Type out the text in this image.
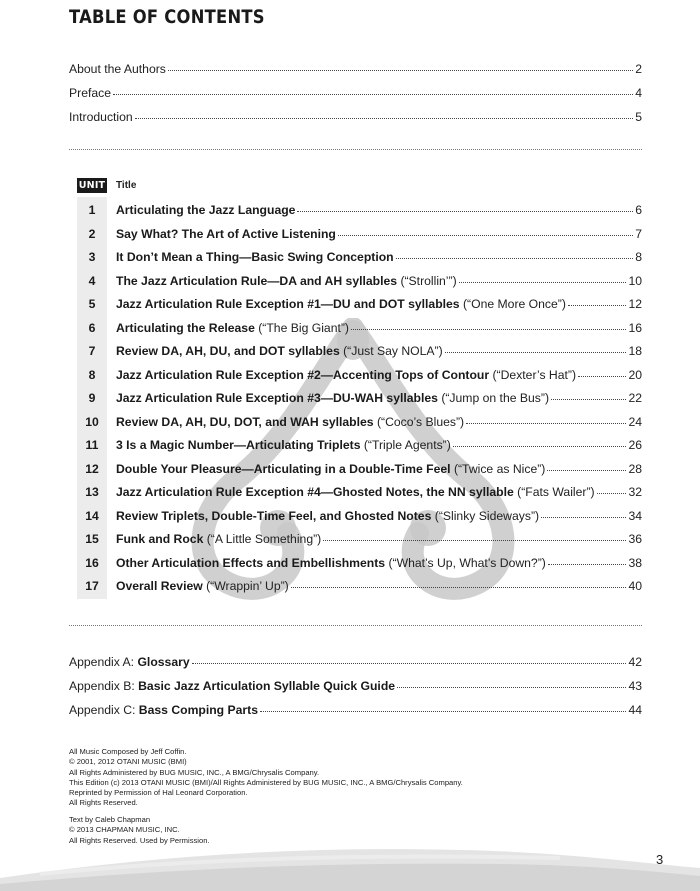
TABLE OF CONTENTS
About the Authors	2
Preface	4
Introduction	5
UNIT Title
1	Articulating the Jazz Language	6
2	Say What? The Art of Active Listening	7
3	It Don’t Mean a Thing—Basic Swing Conception	8
4	The Jazz Articulation Rule—DA and AH syllables (“Strollin’”)	10
5	Jazz Articulation Rule Exception #1—DU and DOT syllables (“One More Once”)	12
6	Articulating the Release (“The Big Giant”)	16
7	Review DA, AH, DU, and DOT syllables (“Just Say NOLA”)	18
8	Jazz Articulation Rule Exception #2—Accenting Tops of Contour (“Dexter’s Hat”)	20
9	Jazz Articulation Rule Exception #3—DU-WAH syllables (“Jump on the Bus”)	22
10	Review DA, AH, DU, DOT, and WAH syllables (“Coco’s Blues”)	24
11	3 Is a Magic Number—Articulating Triplets (“Triple Agents”)	26
12	Double Your Pleasure—Articulating in a Double-Time Feel (“Twice as Nice”)	28
13	Jazz Articulation Rule Exception #4—Ghosted Notes, the NN syllable (“Fats Wailer”)	32
14	Review Triplets, Double-Time Feel, and Ghosted Notes (“Slinky Sideways”)	34
15	Funk and Rock (“A Little Something”)	36
16	Other Articulation Effects and Embellishments (“What’s Up, What’s Down?”)	38
17	Overall Review (“Wrappin’ Up”)	40
Appendix A: Glossary	42
Appendix B: Basic Jazz Articulation Syllable Quick Guide	43
Appendix C: Bass Comping Parts	44
All Music Composed by Jeff Coffin.
© 2001, 2012 OTANI MUSIC (BMI)
All Rights Administered by BUG MUSIC, INC., A BMG/Chrysalis Company.
This Edition (c) 2013 OTANI MUSIC (BMI)/All Rights Administered by BUG MUSIC, INC., A BMG/Chrysalis Company.
Reprinted by Permission of Hal Leonard Corporation.
All Rights Reserved.
Text by Caleb Chapman
© 2013 CHAPMAN MUSIC, INC.
All Rights Reserved. Used by Permission.
3
